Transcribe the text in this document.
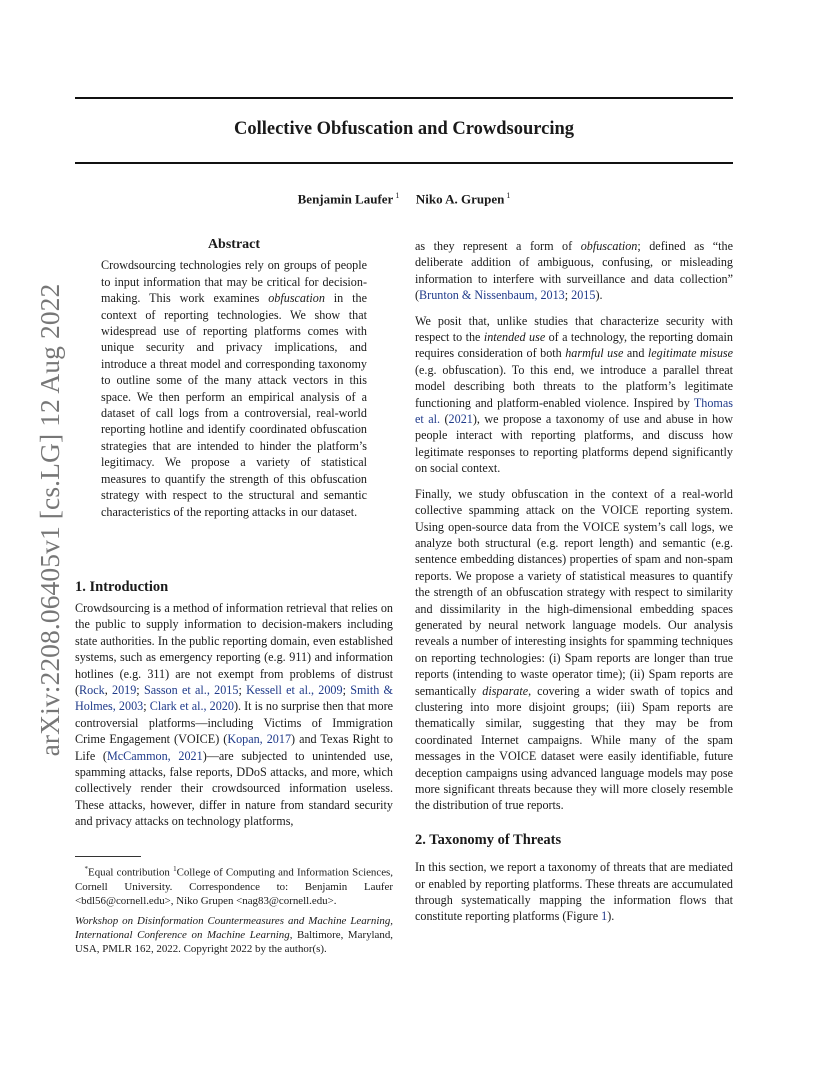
arXiv:2208.06405v1 [cs.LG] 12 Aug 2022
Collective Obfuscation and Crowdsourcing
Benjamin Laufer $^1$ Niko A. Grupen $^1$
Abstract

Crowdsourcing technologies rely on groups of people to input information that may be critical for decision-making. This work examines obfuscation in the context of reporting technologies. We show that widespread use of reporting platforms comes with unique security and privacy implications, and introduce a threat model and corresponding taxonomy to outline some of the many attack vectors in this space. We then perform an empirical analysis of a dataset of call logs from a controversial, real-world reporting hotline and identify coordinated obfuscation strategies that are intended to hinder the platform’s legitimacy. We propose a variety of statistical measures to quantify the strength of this obfuscation strategy with respect to the structural and semantic characteristics of the reporting attacks in our dataset.

1. Introduction

Crowdsourcing is a method of information retrieval that relies on the public to supply information to decision-makers including state authorities. In the public reporting domain, even established systems, such as emergency reporting (e.g. 911) and information hotlines (e.g. 311) are not exempt from problems of distrust (Rock, 2019; Sasson et al., 2015; Kessell et al., 2009; Smith & Holmes, 2003; Clark et al., 2020). It is no surprise then that more controversial platforms—including Victims of Immigration Crime Engagement (VOICE) (Kopan, 2017) and Texas Right to Life (McCammon, 2021)—are subjected to unintended use, spamming attacks, false reports, DDoS attacks, and more, which collectively render their crowdsourced information useless. These attacks, however, differ in nature from standard security and privacy attacks on technology platforms,

*Equal contribution $^1$College of Computing and Information Sciences, Cornell University. Correspondence to: Benjamin Laufer <bdl56@cornell.edu>, Niko Grupen <nag83@cornell.edu>.

Workshop on Disinformation Countermeasures and Machine Learning, International Conference on Machine Learning, Baltimore, Maryland, USA, PMLR 162, 2022. Copyright 2022 by the author(s).

as they represent a form of obfuscation; defined as “the deliberate addition of ambiguous, confusing, or misleading information to interfere with surveillance and data collection” (Brunton & Nissenbaum, 2013; 2015).

We posit that, unlike studies that characterize security with respect to the intended use of a technology, the reporting domain requires consideration of both harmful use and legitimate misuse (e.g. obfuscation). To this end, we introduce a parallel threat model describing both threats to the platform’s legitimate functioning and platform-enabled violence. Inspired by Thomas et al. (2021), we propose a taxonomy of use and abuse in how people interact with reporting platforms, and discuss how legitimate responses to reporting platforms depend significantly on social context.

Finally, we study obfuscation in the context of a real-world collective spamming attack on the VOICE reporting system. Using open-source data from the VOICE system’s call logs, we analyze both structural (e.g. report length) and semantic (e.g. sentence embedding distances) properties of spam and non-spam reports. We propose a variety of statistical measures to quantify the strength of an obfuscation strategy with respect to similarity and dissimilarity in the high-dimensional embedding spaces generated by neural network language models. Our analysis reveals a number of interesting insights for spamming techniques on reporting technologies: (i) Spam reports are longer than true reports (intending to waste operator time); (ii) Spam reports are semantically disparate, covering a wider swath of topics and clustering into more disjoint groups; (iii) Spam reports are thematically similar, suggesting that they may be from coordinated Internet campaigns. While many of the spam messages in the VOICE dataset were easily identifiable, future deception campaigns using advanced language models may pose more significant threats because they will more closely resemble the distribution of true reports.

2. Taxonomy of Threats

In this section, we report a taxonomy of threats that are mediated or enabled by reporting platforms. These threats are accumulated through systematically mapping the information flows that constitute reporting platforms (Figure 1).
